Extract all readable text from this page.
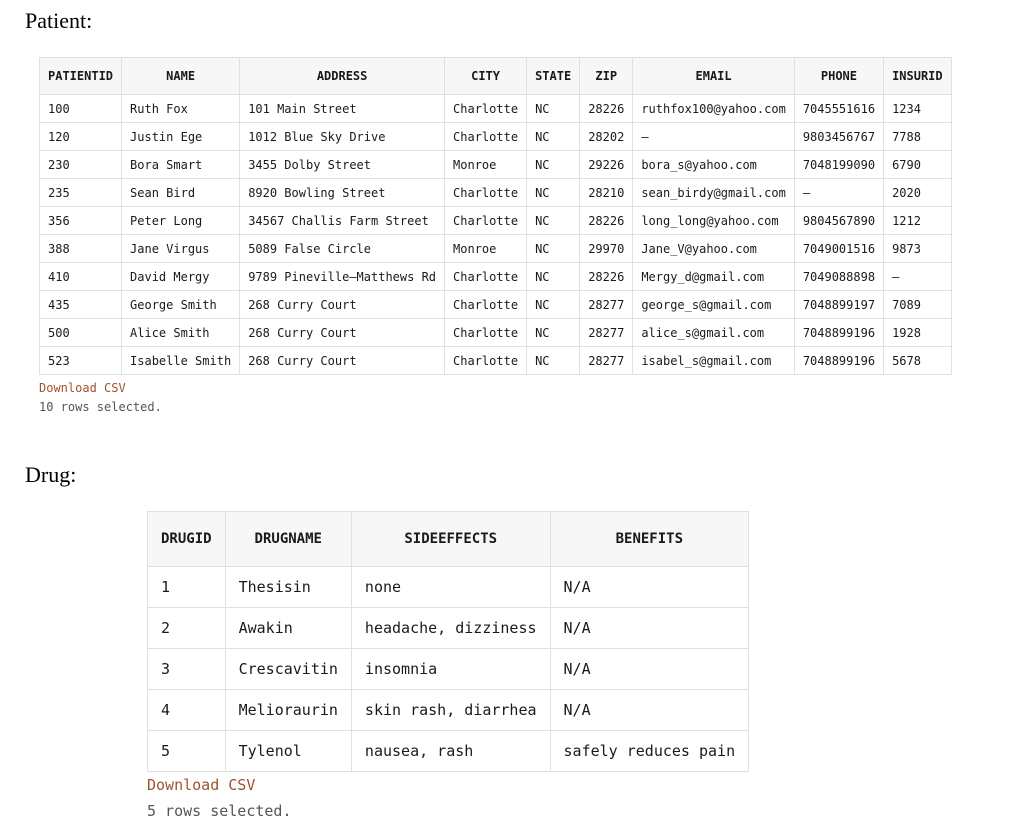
Patient:
PATIENTID	NAME	ADDRESS	CITY	STATE	ZIP	EMAIL	PHONE	INSURID
100	Ruth Fox	101 Main Street	Charlotte	NC	28226	ruthfox100@yahoo.com	7045551616	1234
120	Justin Ege	1012 Blue Sky Drive	Charlotte	NC	28202	–	9803456767	7788
230	Bora Smart	3455 Dolby Street	Monroe	NC	29226	bora_s@yahoo.com	7048199090	6790
235	Sean Bird	8920 Bowling Street	Charlotte	NC	28210	sean_birdy@gmail.com	–	2020
356	Peter Long	34567 Challis Farm Street	Charlotte	NC	28226	long_long@yahoo.com	9804567890	1212
388	Jane Virgus	5089 False Circle	Monroe	NC	29970	Jane_V@yahoo.com	7049001516	9873
410	David Mergy	9789 Pineville–Matthews Rd	Charlotte	NC	28226	Mergy_d@gmail.com	7049088898	–
435	George Smith	268 Curry Court	Charlotte	NC	28277	george_s@gmail.com	7048899197	7089
500	Alice Smith	268 Curry Court	Charlotte	NC	28277	alice_s@gmail.com	7048899196	1928
523	Isabelle Smith	268 Curry Court	Charlotte	NC	28277	isabel_s@gmail.com	7048899196	5678
Download CSV
10 rows selected.
Drug:
DRUGID	DRUGNAME	SIDEEFFECTS	BENEFITS
1	Thesisin	none	N/A
2	Awakin	headache, dizziness	N/A
3	Crescavitin	insomnia	N/A
4	Melioraurin	skin rash, diarrhea	N/A
5	Tylenol	nausea, rash	safely reduces pain
Download CSV
5 rows selected.
